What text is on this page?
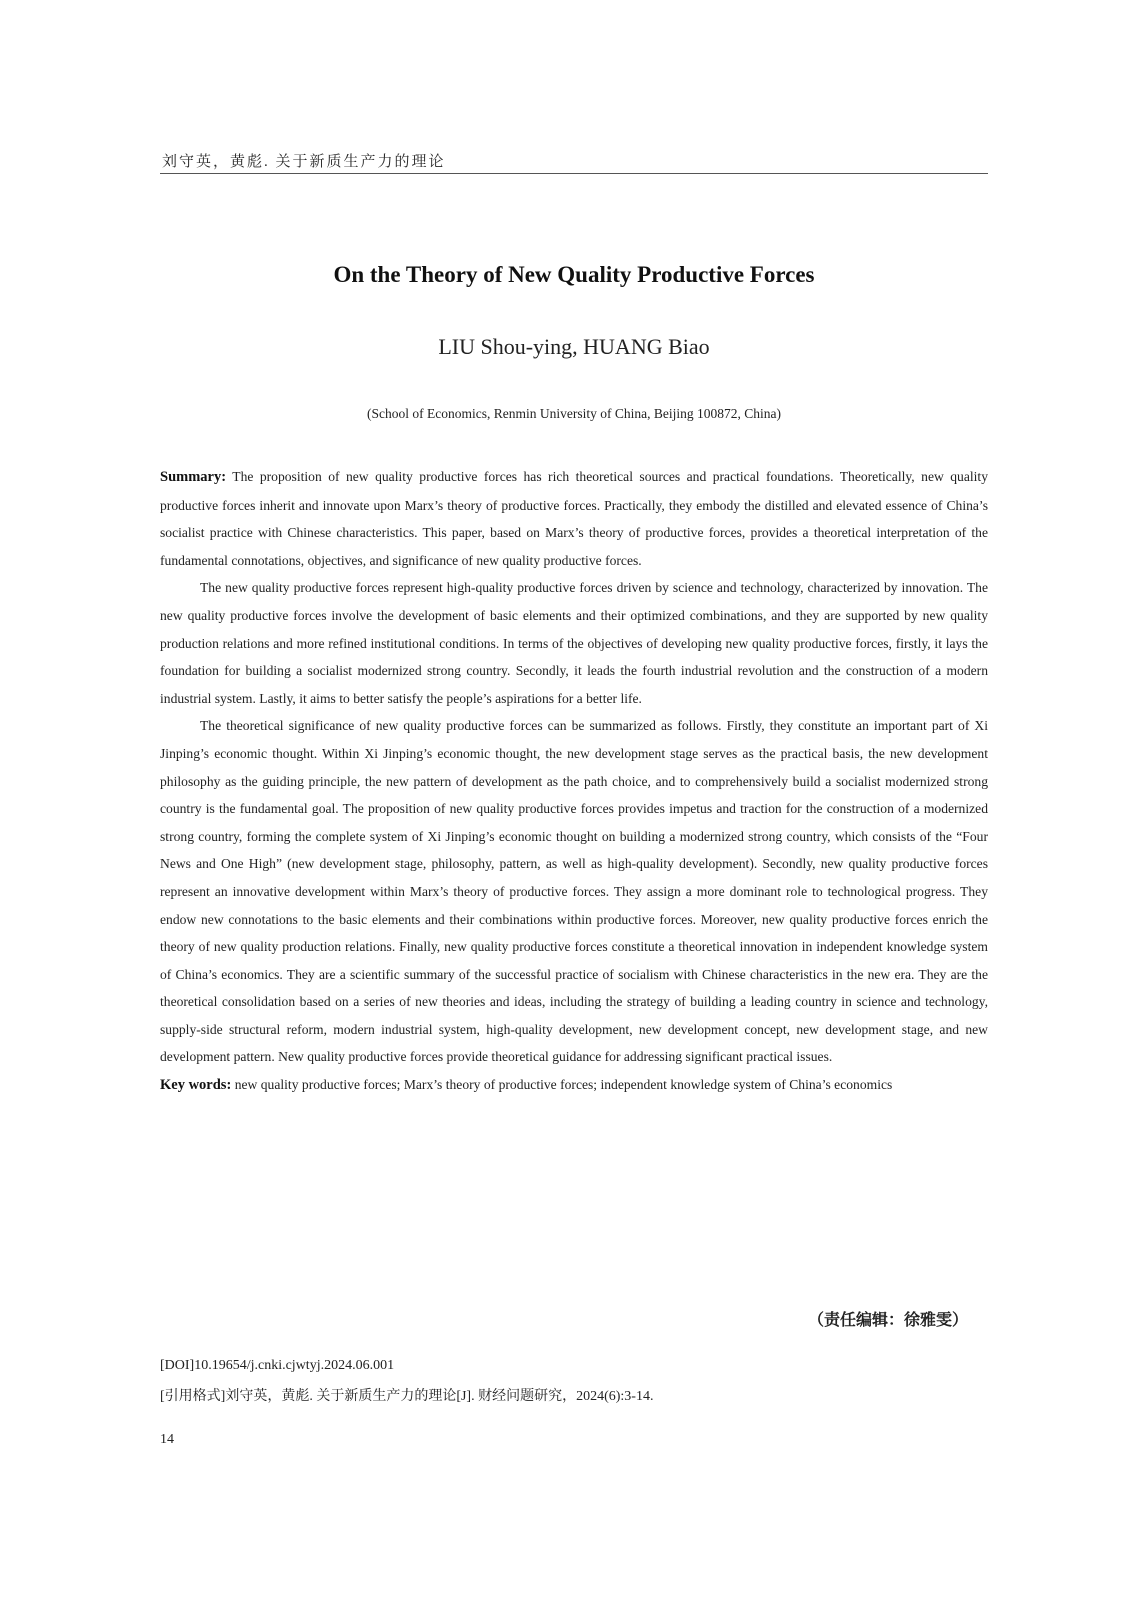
刘守英，黄彪. 关于新质生产力的理论
On the Theory of New Quality Productive Forces
LIU Shou-ying, HUANG Biao
(School of Economics, Renmin University of China, Beijing 100872, China)

Summary: The proposition of new quality productive forces has rich theoretical sources and practical foundations. Theoretically, new quality productive forces inherit and innovate upon Marx’s theory of productive forces. Practically, they embody the distilled and elevated essence of China’s socialist practice with Chinese characteristics. This paper, based on Marx’s theory of productive forces, provides a theoretical interpretation of the fundamental connotations, objectives, and significance of new quality productive forces.

The new quality productive forces represent high-quality productive forces driven by science and technology, characterized by innovation. The new quality productive forces involve the development of basic elements and their optimized combinations, and they are supported by new quality production relations and more refined institutional conditions. In terms of the objectives of developing new quality productive forces, firstly, it lays the foundation for building a socialist modernized strong country. Secondly, it leads the fourth industrial revolution and the construction of a modern industrial system. Lastly, it aims to better satisfy the people’s aspirations for a better life.

The theoretical significance of new quality productive forces can be summarized as follows. Firstly, they constitute an important part of Xi Jinping’s economic thought. Within Xi Jinping’s economic thought, the new development stage serves as the practical basis, the new development philosophy as the guiding principle, the new pattern of development as the path choice, and to comprehensively build a socialist modernized strong country is the fundamental goal. The proposition of new quality productive forces provides impetus and traction for the construction of a modernized strong country, forming the complete system of Xi Jinping’s economic thought on building a modernized strong country, which consists of the “Four News and One High” (new development stage, philosophy, pattern, as well as high-quality development). Secondly, new quality productive forces represent an innovative development within Marx’s theory of productive forces. They assign a more dominant role to technological progress. They endow new connotations to the basic elements and their combinations within productive forces. Moreover, new quality productive forces enrich the theory of new quality production relations. Finally, new quality productive forces constitute a theoretical innovation in independent knowledge system of China’s economics. They are a scientific summary of the successful practice of socialism with Chinese characteristics in the new era. They are the theoretical consolidation based on a series of new theories and ideas, including the strategy of building a leading country in science and technology, supply-side structural reform, modern industrial system, high-quality development, new development concept, new development stage, and new development pattern. New quality productive forces provide theoretical guidance for addressing significant practical issues.

Key words: new quality productive forces; Marx’s theory of productive forces; independent knowledge system of China’s economics

（责任编辑：徐雅雯）
[DOI]10.19654/j.cnki.cjwtyj.2024.06.001
[引用格式]刘守英，黄彪. 关于新质生产力的理论[J]. 财经问题研究，2024(6):3-14.
14
